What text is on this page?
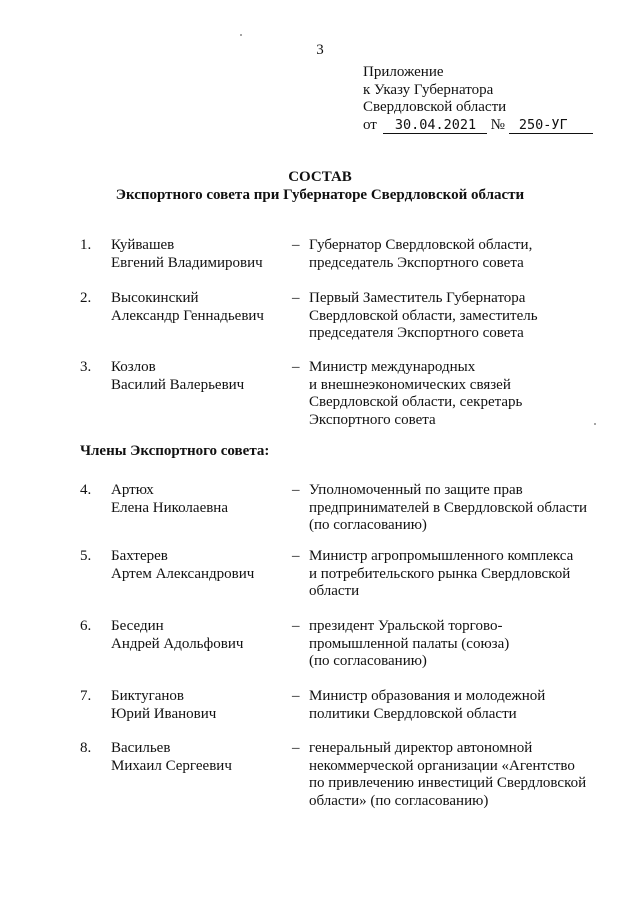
3
Приложение
к Указу Губернатора
Свердловской области
от 30.04.2021 № 250-УГ
СОСТАВ
Экспортного совета при Губернаторе Свердловской области
1. Куйвашев
Евгений Владимирович
– Губернатор Свердловской области,
председатель Экспортного совета
2. Высокинский
Александр Геннадьевич
– Первый Заместитель Губернатора
Свердловской области, заместитель
председателя Экспортного совета
3. Козлов
Василий Валерьевич
– Министр международных
и внешнеэкономических связей
Свердловской области, секретарь
Экспортного совета
4. Артюх
Елена Николаевна
– Уполномоченный по защите прав
предпринимателей в Свердловской области
(по согласованию)
5. Бахтерев
Артем Александрович
– Министр агропромышленного комплекса
и потребительского рынка Свердловской
области
6. Беседин
Андрей Адольфович
– президент Уральской торгово-
промышленной палаты (союза)
(по согласованию)
7. Биктуганов
Юрий Иванович
– Министр образования и молодежной
политики Свердловской области
8. Васильев
Михаил Сергеевич
– генеральный директор автономной
некоммерческой организации «Агентство
по привлечению инвестиций Свердловской
области» (по согласованию)
Члены Экспортного совета:
